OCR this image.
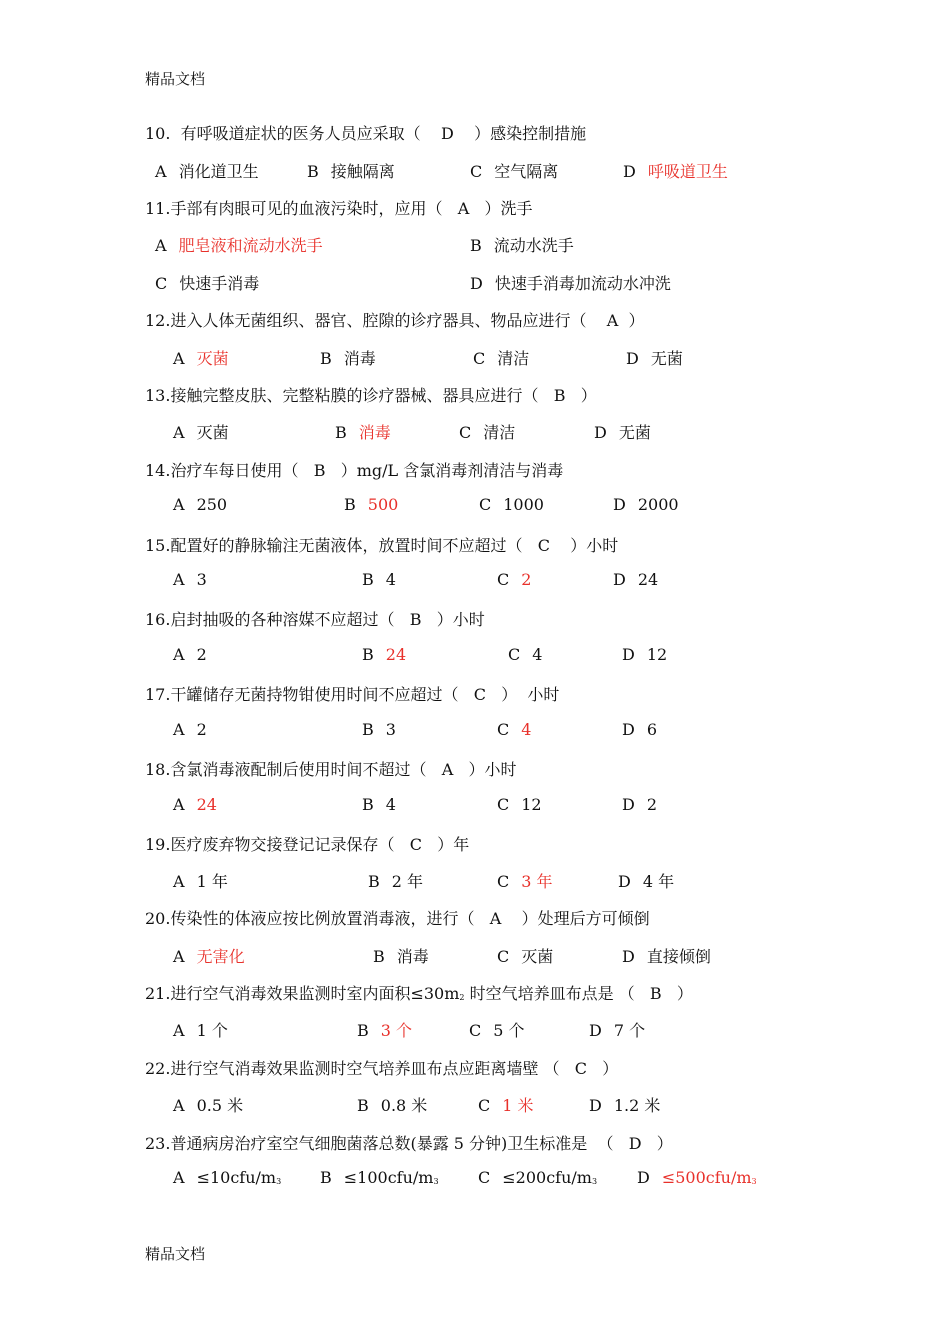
精品文档
10.  有呼吸道症状的医务人员应采取（    D    ）感染控制措施
A 消化道卫生	B 接触隔离	C 空气隔离	D 呼吸道卫生
11.手部有肉眼可见的血液污染时，应用（   A   ）洗手
A 肥皂液和流动水洗手	B 流动水洗手
C 快速手消毒	D 快速手消毒加流动水冲洗
12.进入人体无菌组织、器官、腔隙的诊疗器具、物品应进行（    A  ）
A 灭菌	B 消毒	C 清洁	D 无菌
13.接触完整皮肤、完整粘膜的诊疗器械、器具应进行（   B   ）
A 灭菌	B 消毒	C 清洁	D 无菌
14.治疗车每日使用（   B   ）mg/L 含氯消毒剂清洁与消毒
A 250	B 500	C 1000	D 2000
15.配置好的静脉输注无菌液体，放置时间不应超过（   C    ）小时
A 3	B 4	C 2	D 24
16.启封抽吸的各种溶媒不应超过（   B   ）小时
A 2	B 24	C 4	D 12
17.干罐储存无菌持物钳使用时间不应超过（   C   ）  小时
A 2	B 3	C 4	D 6
18.含氯消毒液配制后使用时间不超过（   A   ）小时
A 24	B 4	C 12	D 2
19.医疗废弃物交接登记记录保存（   C   ）年
A 1 年	B 2 年	C 3 年	D 4 年
20.传染性的体液应按比例放置消毒液，进行（   A    ）处理后方可倾倒
A 无害化	B 消毒	C 灭菌	D 直接倾倒
21.进行空气消毒效果监测时室内面积≤30m2 时空气培养皿布点是 （   B   ）
A 1 个	B 3 个	C 5 个	D 7 个
22.进行空气消毒效果监测时空气培养皿布点应距离墙壁 （   C   ）
A 0.5 米	B 0.8 米	C 1 米	D 1.2 米
23.普通病房治疗室空气细胞菌落总数(暴露 5 分钟)卫生标准是  （   D   ）
A ≤10cfu/m3 B ≤100cfu/m3 C ≤200cfu/m3 D ≤500cfu/m3
精品文档
